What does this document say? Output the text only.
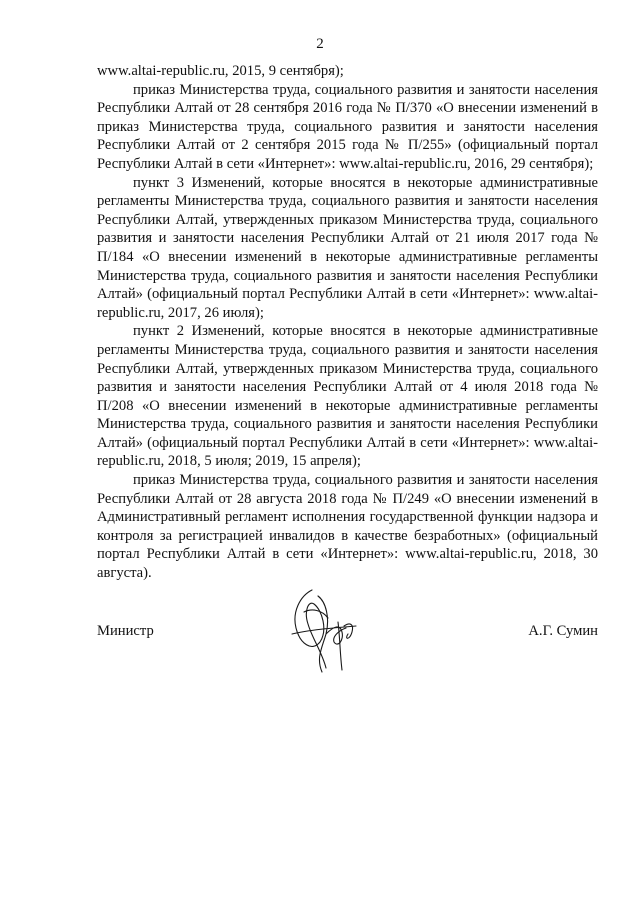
2

www.altai-republic.ru, 2015, 9 сентября);

приказ Министерства труда, социального развития и занятости населения Республики Алтай от 28 сентября 2016 года № П/370 «О внесении изменений в приказ Министерства труда, социального развития и занятости населения Республики Алтай от 2 сентября 2015 года № П/255» (официальный портал Республики Алтай в сети «Интернет»: www.altai-republic.ru, 2016, 29 сентября);

пункт 3 Изменений, которые вносятся в некоторые административные регламенты Министерства труда, социального развития и занятости населения Республики Алтай, утвержденных приказом Министерства труда, социального развития и занятости населения Республики Алтай от 21 июля 2017 года № П/184 «О внесении изменений в некоторые административные регламенты Министерства труда, социального развития и занятости населения Республики Алтай» (официальный портал Республики Алтай в сети «Интернет»: www.altai-republic.ru, 2017, 26 июля);

пункт 2 Изменений, которые вносятся в некоторые административные регламенты Министерства труда, социального развития и занятости населения Республики Алтай, утвержденных приказом Министерства труда, социального развития и занятости населения Республики Алтай от 4 июля 2018 года № П/208 «О внесении изменений в некоторые административные регламенты Министерства труда, социального развития и занятости населения Республики Алтай» (официальный портал Республики Алтай в сети «Интернет»: www.altai-republic.ru, 2018, 5 июля; 2019, 15 апреля);

приказ Министерства труда, социального развития и занятости населения Республики Алтай от 28 августа 2018 года № П/249 «О внесении изменений в Административный регламент исполнения государственной функции надзора и контроля за регистрацией инвалидов в качестве безработных» (официальный портал Республики Алтай в сети «Интернет»: www.altai-republic.ru, 2018, 30 августа).

Министр	А.Г. Сумин
